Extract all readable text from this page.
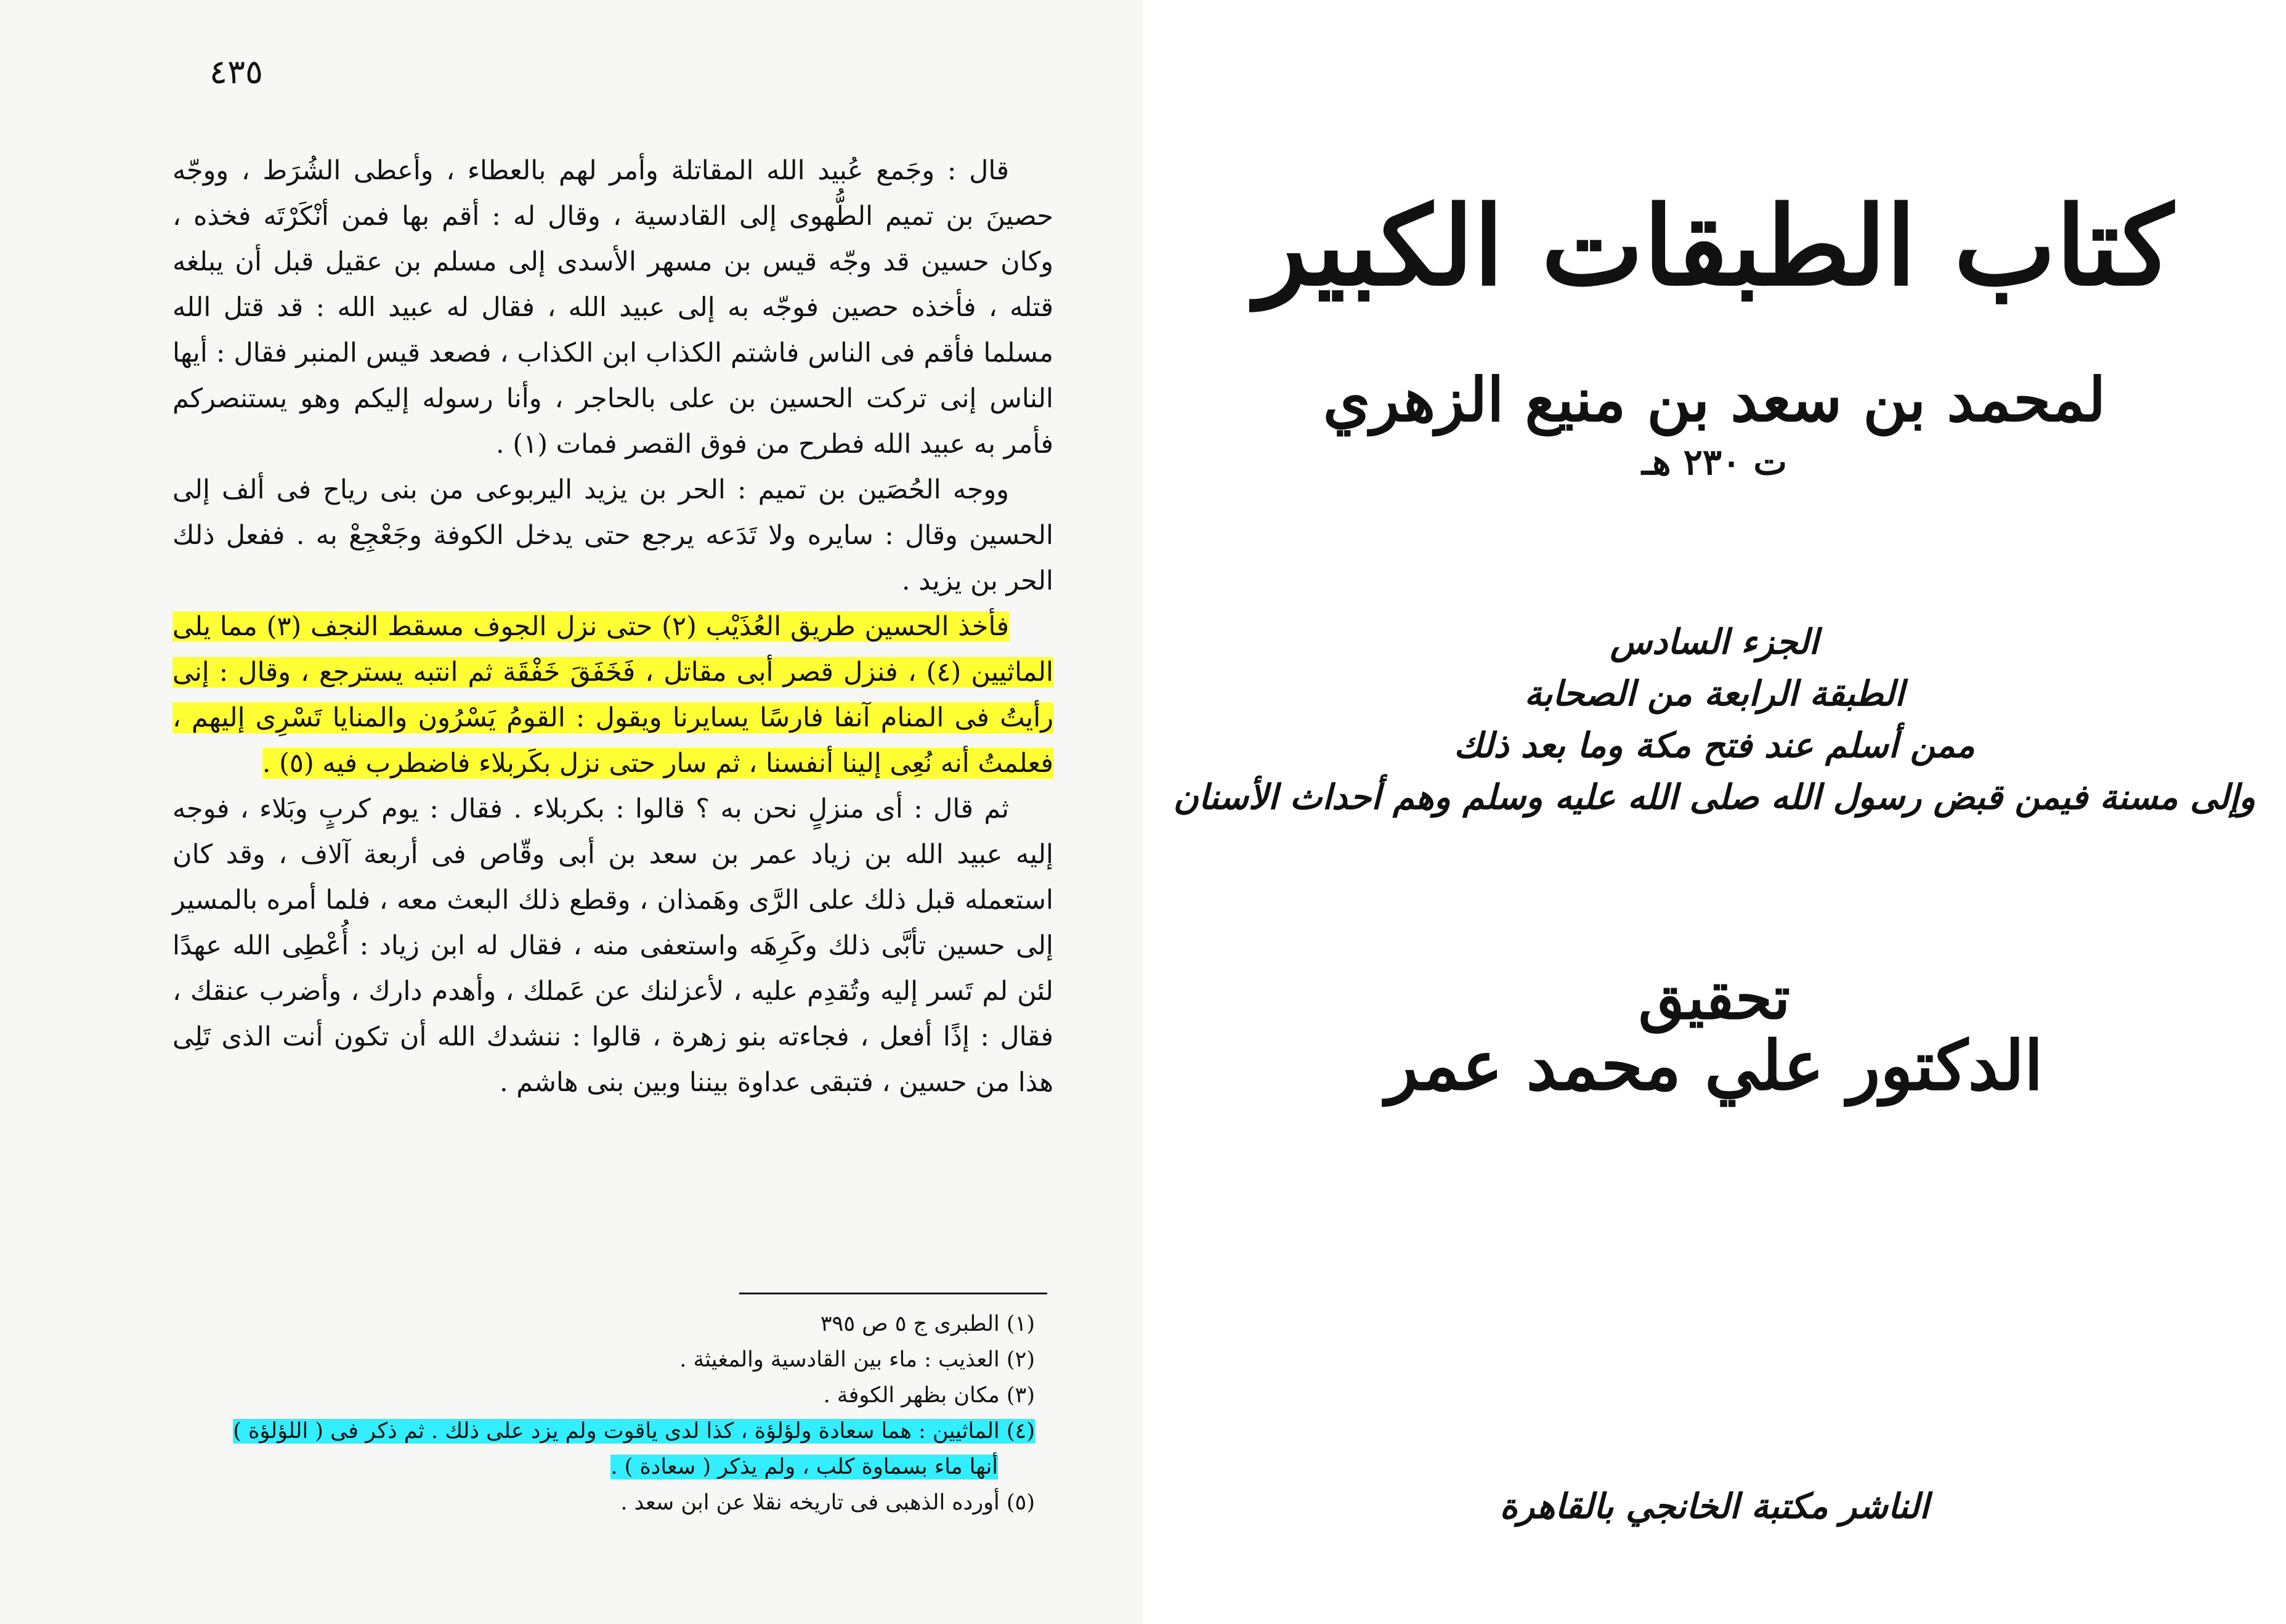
٤٣٥

قال : وجَمع عُبيد الله المقاتلة وأمر لهم بالعطاء ، وأعطى الشُرَط ، ووجّه حصينَ بن تميم الطُّهوى إلى القادسية ، وقال له : أقم بها فمن أنْكَرْتَه فخذه ، وكان حسين قد وجّه قيس بن مسهر الأسدى إلى مسلم بن عقيل قبل أن يبلغه قتله ، فأخذه حصين فوجّه به إلى عبيد الله ، فقال له عبيد الله : قد قتل الله مسلما فأقم فى الناس فاشتم الكذاب ابن الكذاب ، فصعد قيس المنبر فقال : أيها الناس إنى تركت الحسين بن على بالحاجر ، وأنا رسوله إليكم وهو يستنصركم فأمر به عبيد الله فطرح من فوق القصر فمات (١) .

ووجه الحُصَين بن تميم : الحر بن يزيد اليربوعى من بنى رياح فى ألف إلى الحسين وقال : سايره ولا تَدَعه يرجع حتى يدخل الكوفة وجَعْجِعْ به . ففعل ذلك الحر بن يزيد .

فأخذ الحسين طريق العُذَيْب (٢) حتى نزل الجوف مسقط النجف (٣) مما يلى الماثيين (٤) ، فنزل قصر أبى مقاتل ، فَخَفَقَ خَفْقَة ثم انتبه يسترجع ، وقال : إنى رأيتُ فى المنام آنفا فارسًا يسايرنا ويقول : القومُ يَسْرُون والمنايا تَسْرِى إليهم ، فعلمتُ أنه نُعِى إلينا أنفسنا ، ثم سار حتى نزل بكَربلاء فاضطرب فيه (٥) .

ثم قال : أى منزلٍ نحن به ؟ قالوا : بكربلاء . فقال : يوم كربٍ وبَلاء ، فوجه إليه عبيد الله بن زياد عمر بن سعد بن أبى وقّاص فى أربعة آلاف ، وقد كان استعمله قبل ذلك على الرَّى وهَمذان ، وقطع ذلك البعث معه ، فلما أمره بالمسير إلى حسين تأبَّى ذلك وكَرِهَه واستعفى منه ، فقال له ابن زياد : أُعْطِى الله عهدًا لئن لم تَسر إليه وتُقدِم عليه ، لأعزلنك عن عَملك ، وأهدم دارك ، وأضرب عنقك ، فقال : إذًا أفعل ، فجاءته بنو زهرة ، قالوا : ننشدك الله أن تكون أنت الذى تَلِى هذا من حسين ، فتبقى عداوة بيننا وبين بنى هاشم .

(١) الطبرى ج ٥ ص ٣٩٥

(٢) العذيب : ماء بين القادسية والمغيثة .

(٣) مكان بظهر الكوفة .

(٤) الماثيين : هما سعادة ولؤلؤة ، كذا لدى ياقوت ولم يزد على ذلك . ثم ذكر فى ( اللؤلؤة )

أنها ماء بسماوة كلب ، ولم يذكر ( سعادة ) .

(٥) أورده الذهبى فى تاريخه نقلا عن ابن سعد .

كتاب الطبقات الكبير
لمحمد بن سعد بن منيع الزهري
ت ٢٣٠ هـ
الجزء السادس
الطبقة الرابعة من الصحابة
ممن أسلم عند فتح مكة وما بعد ذلك
وإلى مسنة فيمن قبض رسول الله صلى الله عليه وسلم وهم أحداث الأسنان
تحقيق
الدكتور علي محمد عمر
الناشر مكتبة الخانجي بالقاهرة
